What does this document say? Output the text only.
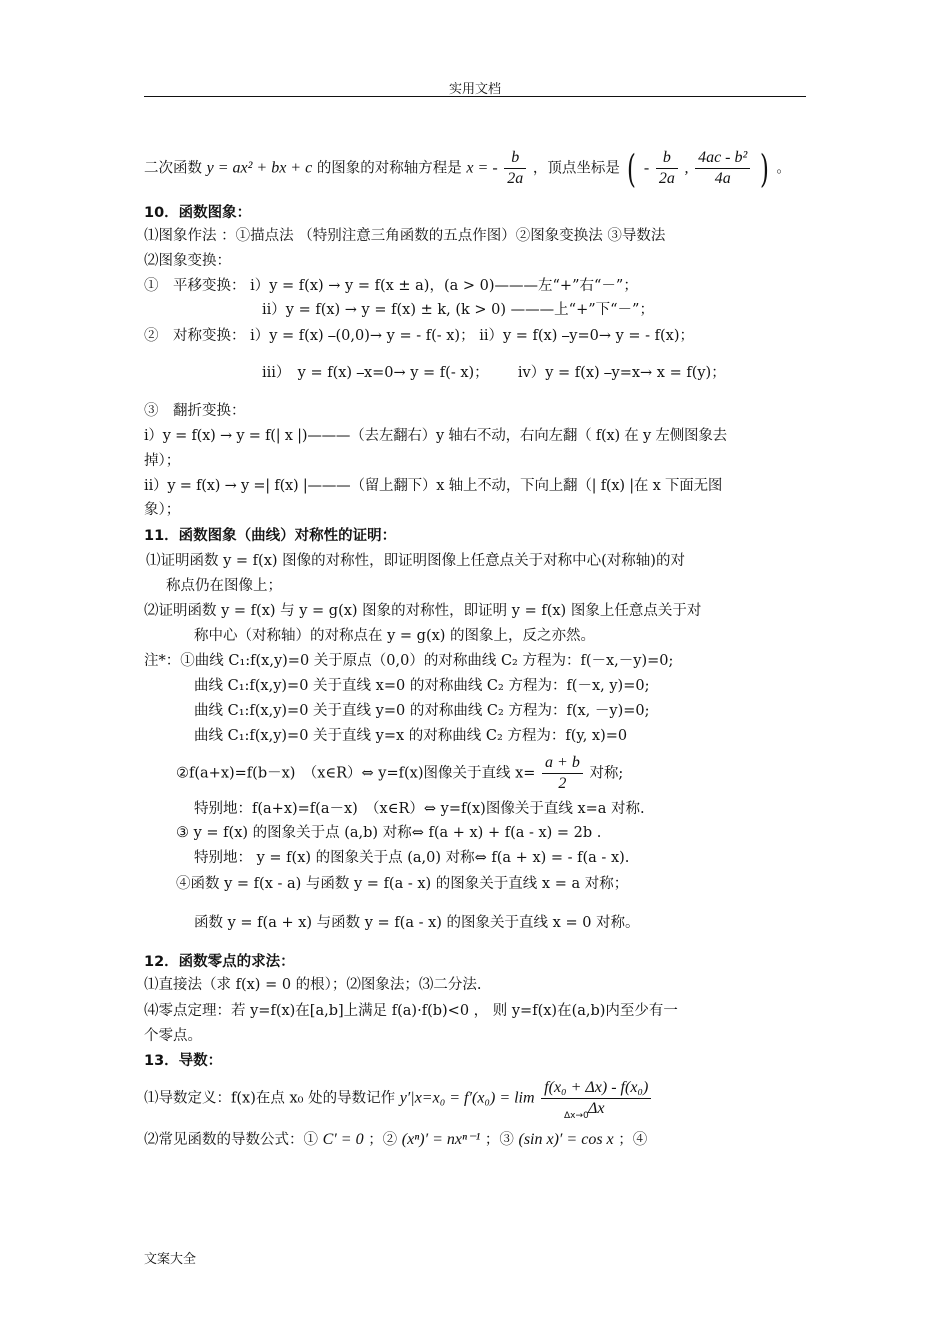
实用文档
二次函数 y = ax² + bx + c 的图象的对称轴方程是 x = - $\frac{b}{2a}$ ，顶点坐标是 ( - $\frac{b}{2a}$ , $\frac{\text{4ac - b²}}{4a}$ ) 。
10．函数图象：
⑴图象作法 ：①描点法 （特别注意三角函数的五点作图）②图象变换法 ③导数法
⑵图象变换：
①　平移变换： ⅰ）y = f(x) → y = f(x ± a)，(a > 0)———左“+”右“－”；
ⅱ）y = f(x) → y = f(x) ± k, (k > 0) ———上“+”下“－”；
②　对称变换： ⅰ）y = f(x) ⎯(0,0)→ y = - f(- x)； ⅱ）y = f(x) ⎯y=0→ y = - f(x)；
ⅲ）　y = f(x) ⎯x=0→ y = f(- x)； ⅳ）y = f(x) ⎯y=x→ x = f(y)；
③　翻折变换：
ⅰ）y = f(x) → y = f(| x |)———（去左翻右）y 轴右不动，右向左翻（ f(x) 在 y 左侧图象去
掉）；
ⅱ）y = f(x) → y =| f(x) |———（留上翻下）x 轴上不动，下向上翻（| f(x) |在 x 下面无图
象）；
11．函数图象（曲线）对称性的证明：
⑴证明函数 y = f(x) 图像的对称性，即证明图像上任意点关于对称中心(对称轴)的对
称点仍在图像上；
⑵证明函数 y = f(x) 与 y = g(x) 图象的对称性，即证明 y = f(x) 图象上任意点关于对
称中心（对称轴）的对称点在 y = g(x) 的图象上，反之亦然。
注*：①曲线 C₁:f(x,y)=0 关于原点（0,0）的对称曲线 C₂ 方程为：f(－x,－y)=0;
曲线 C₁:f(x,y)=0 关于直线 x=0 的对称曲线 C₂ 方程为：f(－x, y)=0;
曲线 C₁:f(x,y)=0 关于直线 y=0 的对称曲线 C₂ 方程为：f(x, －y)=0;
曲线 C₁:f(x,y)=0 关于直线 y=x 的对称曲线 C₂ 方程为：f(y, x)=0
②f(a+x)=f(b－x)　（x∈R）⇔ y=f(x)图像关于直线 $x= \frac{a + b}{2}$ 对称;
特别地：f(a+x)=f(a－x)　（x∈R）⇔ y=f(x)图像关于直线 x=a 对称.
③ y = f(x) 的图象关于点 (a,b) 对称⇔ f(a + x) + f(a - x) = 2b .
特别地： y = f(x) 的图象关于点 (a,0) 对称⇔ f(a + x) = - f(a - x).
④函数 y = f(x - a) 与函数 y = f(a - x) 的图象关于直线 x = a 对称；
函数 y = f(a + x) 与函数 y = f(a - x) 的图象关于直线 x = 0 对称。
12．函数零点的求法：
⑴直接法（求 f(x) = 0 的根）；⑵图象法；⑶二分法.
⑷零点定理：若 y=f(x)在[a,b]上满足 f(a)·f(b)<0 ， 则 y=f(x)在(a,b)内至少有一
个零点。
13．导数：
⑴导数定义：f(x)在点 x₀ 处的导数记作 $y'|x=x_0 = f'(x_0) = \lim \frac{\text{f(x₀ + Δx) - f(x₀)}}{\Delta x}$
Δx→0
⑵常见函数的导数公式：① C′ = 0 ；② (xⁿ)′ = nxⁿ⁻¹ ；③ (sin x)′ = cos x ；④
文案大全
